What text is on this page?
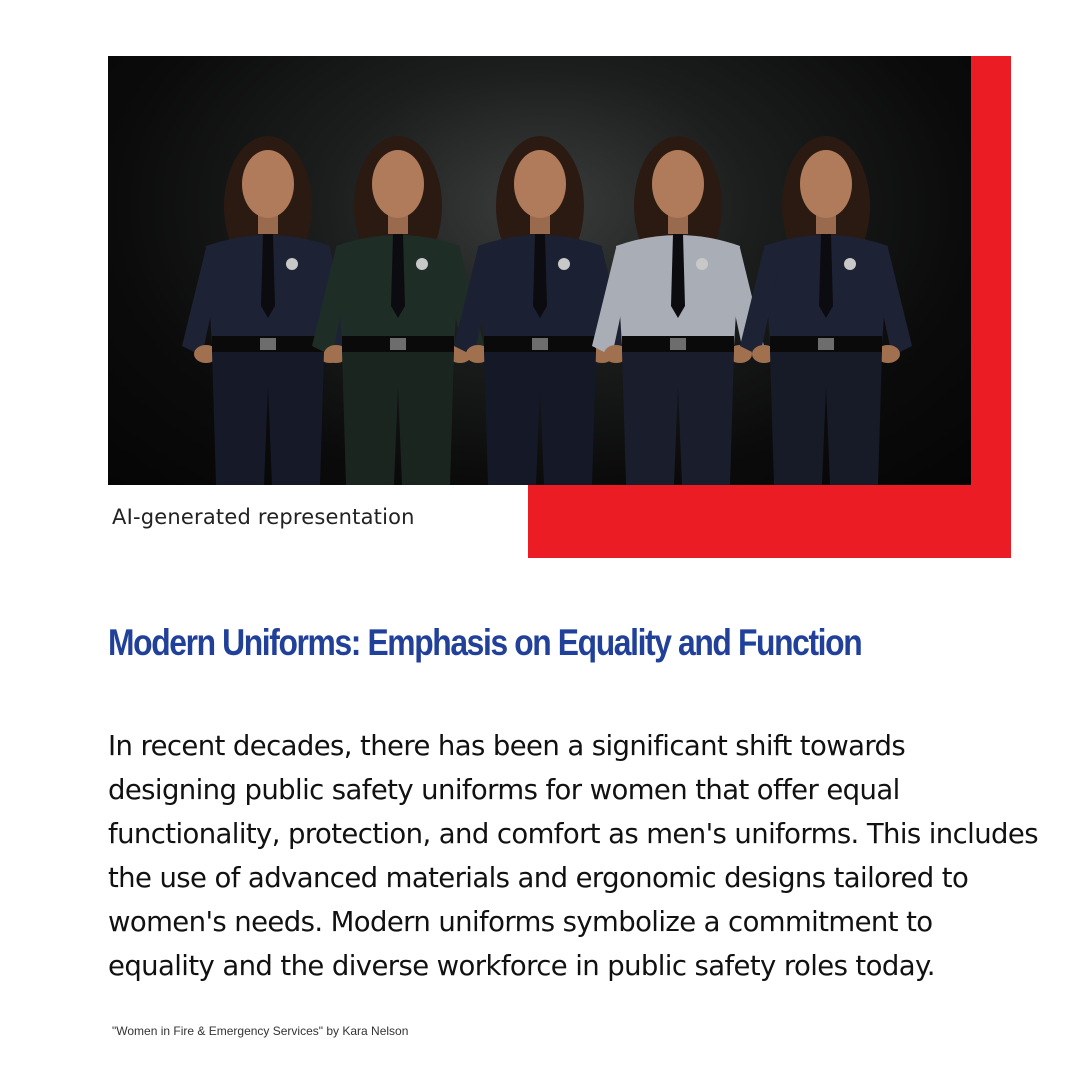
AI-generated representation
Modern Uniforms: Emphasis on Equality and Function
In recent decades, there has been a significant shift towards
designing public safety uniforms for women that offer equal
functionality, protection, and comfort as men's uniforms. This includes
the use of advanced materials and ergonomic designs tailored to
women's needs. Modern uniforms symbolize a commitment to
equality and the diverse workforce in public safety roles today.
"Women in Fire & Emergency Services" by Kara Nelson
